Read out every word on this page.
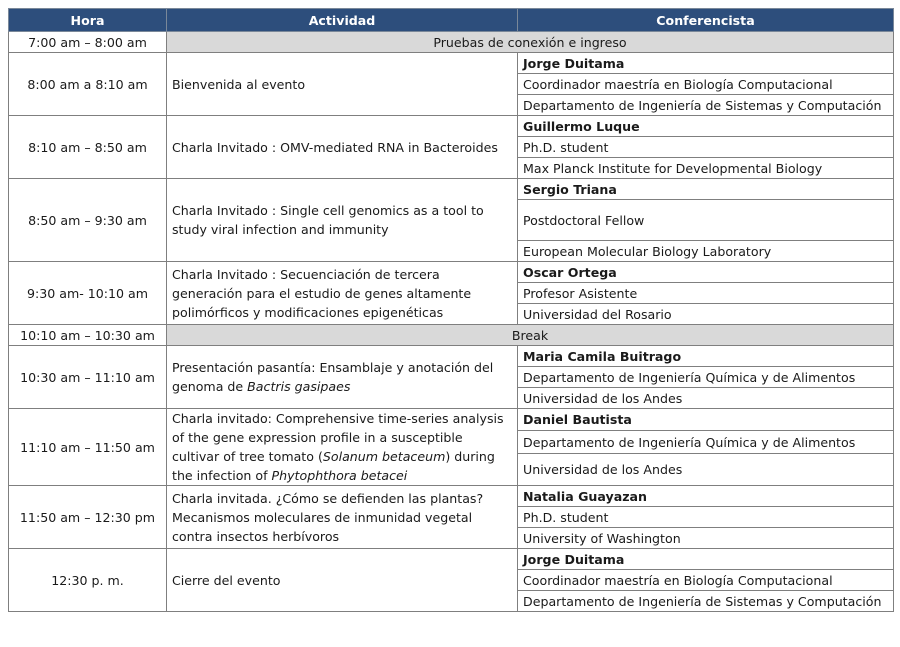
Hora	Actividad	Conferencista
7:00 am – 8:00 am	Pruebas de conexión e ingreso	
8:00 am a 8:10 am	Bienvenida al evento	Jorge Duitama
		Coordinador maestría en Biología Computacional
		Departamento de Ingeniería de Sistemas y Computación
8:10 am – 8:50 am	Charla Invitado : OMV-mediated RNA in Bacteroides	Guillermo Luque
		Ph.D. student
		Max Planck Institute for Developmental Biology
8:50 am – 9:30 am	Charla Invitado : Single cell genomics as a tool to study viral infection and immunity	Sergio Triana
		Postdoctoral Fellow
		European Molecular Biology Laboratory
9:30 am- 10:10 am	Charla Invitado : Secuenciación de tercera generación para el estudio de genes altamente polimórficos y modificaciones epigenéticas	Oscar Ortega
		Profesor Asistente
		Universidad del Rosario
10:10 am – 10:30 am	Break	
10:30 am – 11:10 am	Presentación pasantía: Ensamblaje y anotación del genoma de Bactris gasipaes	Maria Camila Buitrago
		Departamento de Ingeniería Química y de Alimentos
		Universidad de los Andes
11:10 am – 11:50 am	Charla invitado: Comprehensive time-series analysis of the gene expression profile in a susceptible cultivar of tree tomato (Solanum betaceum) during the infection of Phytophthora betacei	Daniel Bautista
		Departamento de Ingeniería Química y de Alimentos
		Universidad de los Andes
11:50 am – 12:30 pm	Charla invitada. ¿Cómo se defienden las plantas? Mecanismos moleculares de inmunidad vegetal contra insectos herbívoros	Natalia Guayazan
		Ph.D. student
		University of Washington
12:30 p. m.	Cierre del evento	Jorge Duitama
		Coordinador maestría en Biología Computacional
		Departamento de Ingeniería de Sistemas y Computación
